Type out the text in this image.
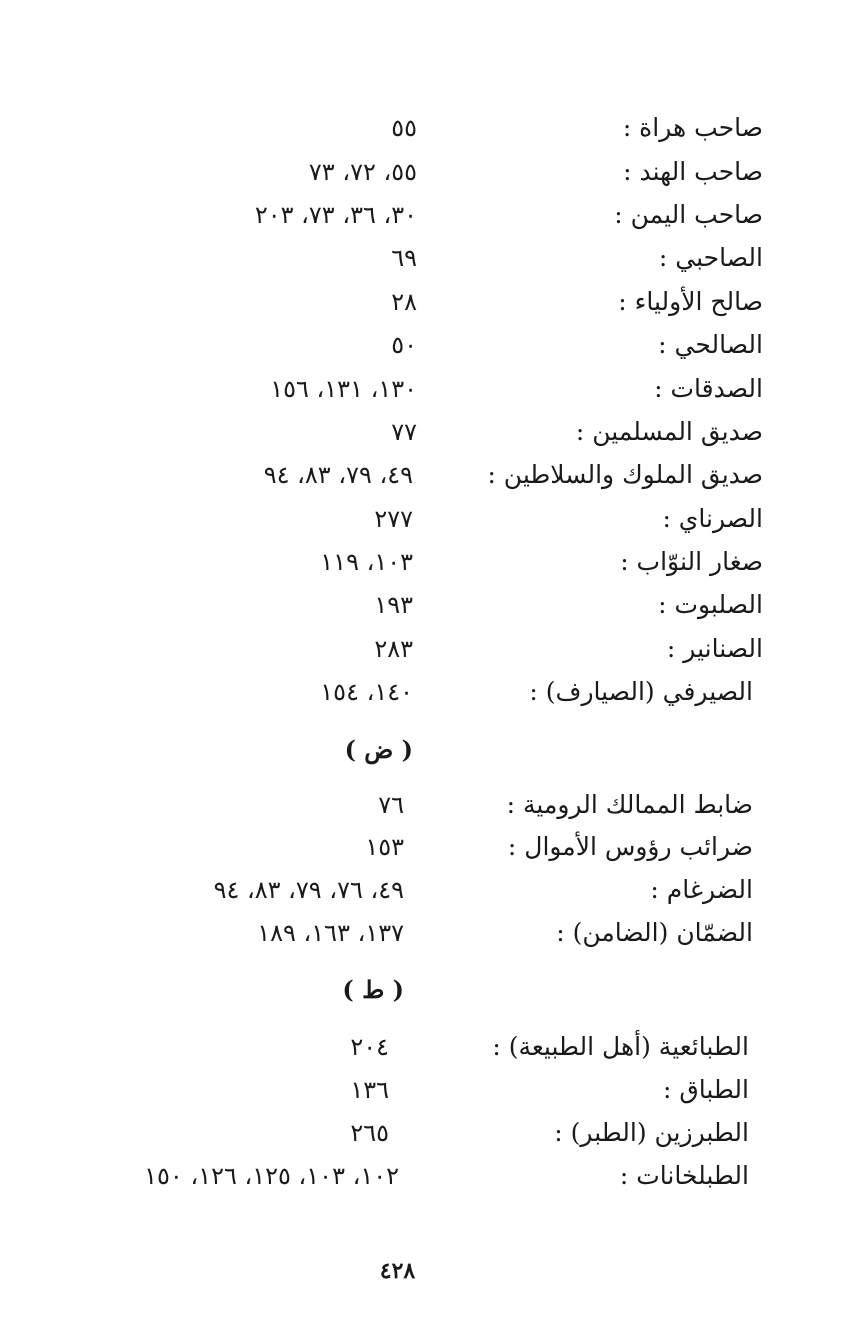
صاحب هراة :
٥٥
صاحب الهند :
٥٥، ٧٢، ٧٣
صاحب اليمن :
٣٠، ٣٦، ٧٣، ٢٠٣
الصاحبي :
٦٩
صالح الأولياء :
٢٨
الصالحي :
٥٠
الصدقات :
١٣٠، ١٣١، ١٥٦
صديق المسلمين :
٧٧
صديق الملوك والسلاطين :
٤٩، ٧٩، ٨٣، ٩٤
الصرناي :
٢٧٧
صغار النوّاب :
١٠٣، ١١٩
الصلبوت :
١٩٣
الصنانير :
٢٨٣
الصيرفي (الصيارف) :
١٤٠، ١٥٤
( ض )
ضابط الممالك الرومية :
٧٦
ضرائب رؤوس الأموال :
١٥٣
الضرغام :
٤٩، ٧٦، ٧٩، ٨٣، ٩٤
الضمّان (الضامن) :
١٣٧، ١٦٣، ١٨٩
( ط )
الطبائعية (أهل الطبيعة) :
٢٠٤
الطباق :
١٣٦
الطبرزين (الطبر) :
٢٦٥
الطبلخانات :
١٠٢، ١٠٣، ١٢٥، ١٢٦، ١٥٠
٤٢٨
